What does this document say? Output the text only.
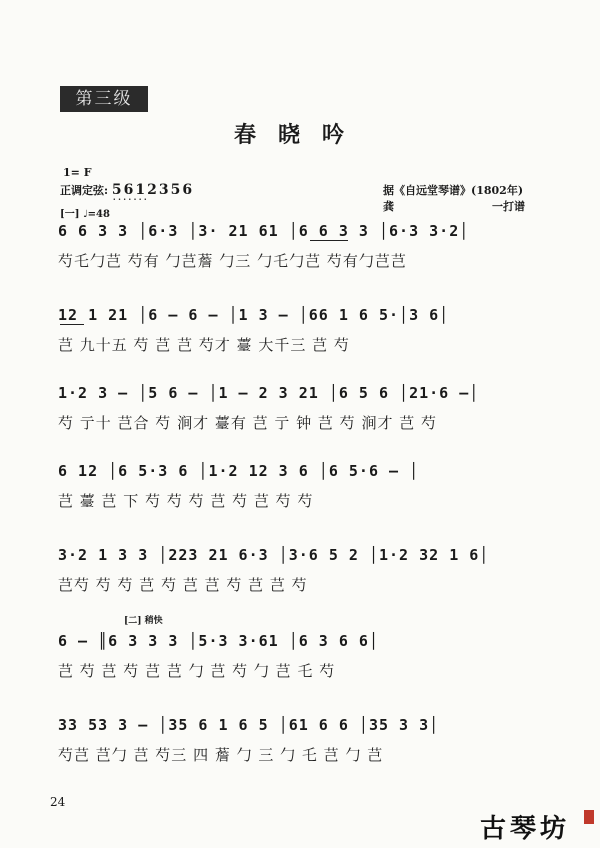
第三级
春晓吟
1= F
正调定弦: 5612356 · ·	据《自远堂琴谱》(1802年)
龚	一打谱
[一] ♩=48
[二] 稍快
6 6 3 3 │6·3 │3· 21 61 │6 6 3 3 │6·3 3·2│
芍乇勹芑 芍有 勹芑薝 勹三 勹乇勹芑 芍有勹芑芑
12 1 21 │6 — 6 — │1 3 — │66 1 6 5·│3 6│
芑 九十五 芍 芑 芑 芍才 薹 大千三 芑 芍
1·2 3 — │5 6 — │1 — 2 3 21 │6 5 6 │21·6 —│
芍 亍十 芑合 芍 涧才 薹有 芑 亍 钟 芑 芍 涧才 芑 芍
6 12 │6 5·3 6 │1·2 12 3 6 │6 5·6 — │
芑 薹 芑 下 芍 芍 芍 芑 芍 芑 芍 芍
3·2 1 3 3 │223 21 6·3 │3·6 5 2 │1·2 32 1 6│
芑芍 芍 芍 芑 芍 芑 芑 芍 芑 芑 芍
6 — ║6 3 3 3 │5·3 3·61 │6 3 6 6│
芑 芍 芑 芍 芑 芑 勹 芑 芍 勹 芑 乇 芍
33 53 3 — │35 6 1 6 5 │61 6 6 │35 3 3│
芍芑 芑勹 芑 芍三 四 薝 勹 三 勹 乇 芑 勹 芑
24
古琴坊
